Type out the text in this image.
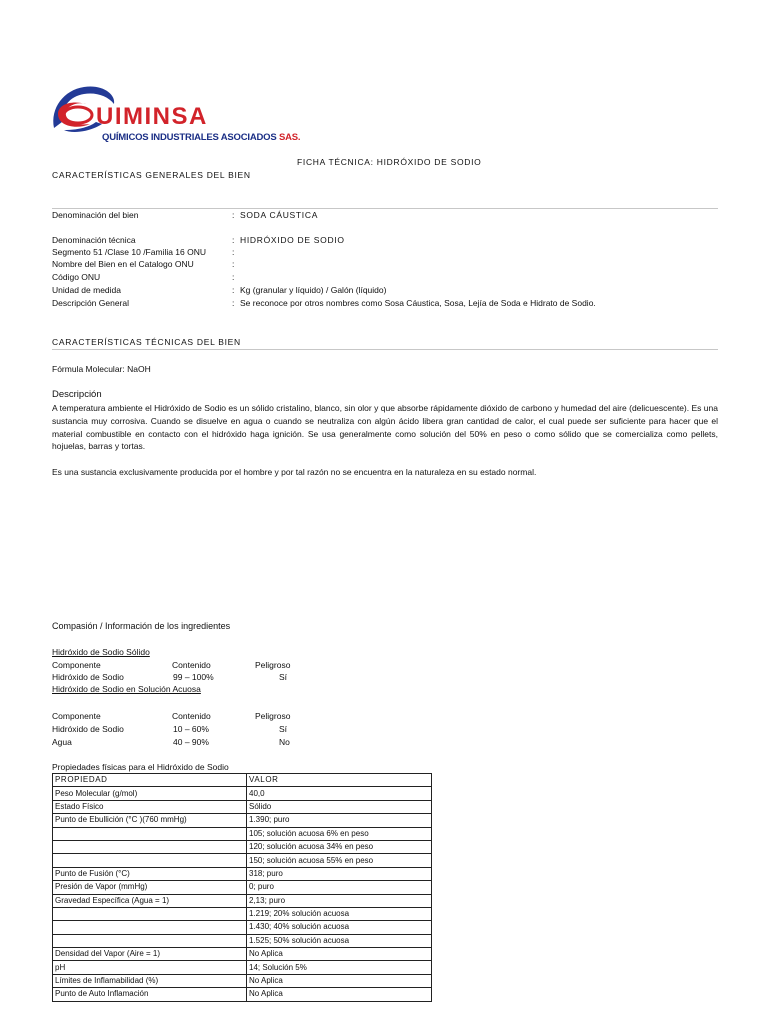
UIMINSA
QUÍMICOS INDUSTRIALES ASOCIADOS SAS.
FICHA TÉCNICA: HIDRÓXIDO DE SODIO
CARACTERÍSTICAS GENERALES DEL BIEN
Denominación del bien	: SODA CÁUSTICA
Denominación técnica	: HIDRÓXIDO DE SODIO
Segmento 51 /Clase 10 /Familia 16 ONU	:
Nombre del Bien en el Catalogo ONU	:
Código ONU	:
Unidad de medida	: Kg (granular y líquido) / Galón (líquido)
Descripción General	: Se reconoce por otros nombres como Sosa Cáustica, Sosa, Lejía de Soda e Hidrato de Sodio.
CARACTERÍSTICAS TÉCNICAS DEL BIEN
Fórmula Molecular: NaOH
Descripción
A temperatura ambiente el Hidróxido de Sodio es un sólido cristalino, blanco, sin olor y que absorbe rápidamente dióxido de carbono y humedad del aire (delicuescente). Es una sustancia muy corrosiva. Cuando se disuelve en agua o cuando se neutraliza con algún ácido libera gran cantidad de calor, el cual puede ser suficiente para hacer que el material combustible en contacto con el hidróxido haga ignición. Se usa generalmente como solución del 50% en peso o como sólido que se comercializa como pellets, hojuelas, barras y tortas.
Es una sustancia exclusivamente producida por el hombre y por tal razón no se encuentra en la naturaleza en su estado normal.
Compasión / Información de los ingredientes
Hidróxido de Sodio Sólido
Componente	Contenido	Peligroso
Hidróxido de Sodio	99 – 100%	Sí
Hidróxido de Sodio en Solución Acuosa
Componente	Contenido	Peligroso
Hidróxido de Sodio	10 – 60%	Sí
Agua	40 – 90%	No
Propiedades físicas para el Hidróxido de Sodio
PROPIEDAD	VALOR
Peso Molecular (g/mol)	40,0
Estado Físico	Sólido
Punto de Ebullición (°C )(760 mmHg)	1.390; puro
	105; solución acuosa 6% en peso
	120; solución acuosa 34% en peso
	150; solución acuosa 55% en peso
Punto de Fusión (°C)	318; puro
Presión de Vapor (mmHg)	0; puro
Gravedad Específica (Agua = 1)	2,13; puro
	1.219; 20% solución acuosa
	1.430; 40% solución acuosa
	1.525; 50% solución acuosa
Densidad del Vapor (Aire = 1)	No Aplica
pH	14; Solución 5%
Límites de Inflamabilidad (%)	No Aplica
Punto de Auto Inflamación	No Aplica
